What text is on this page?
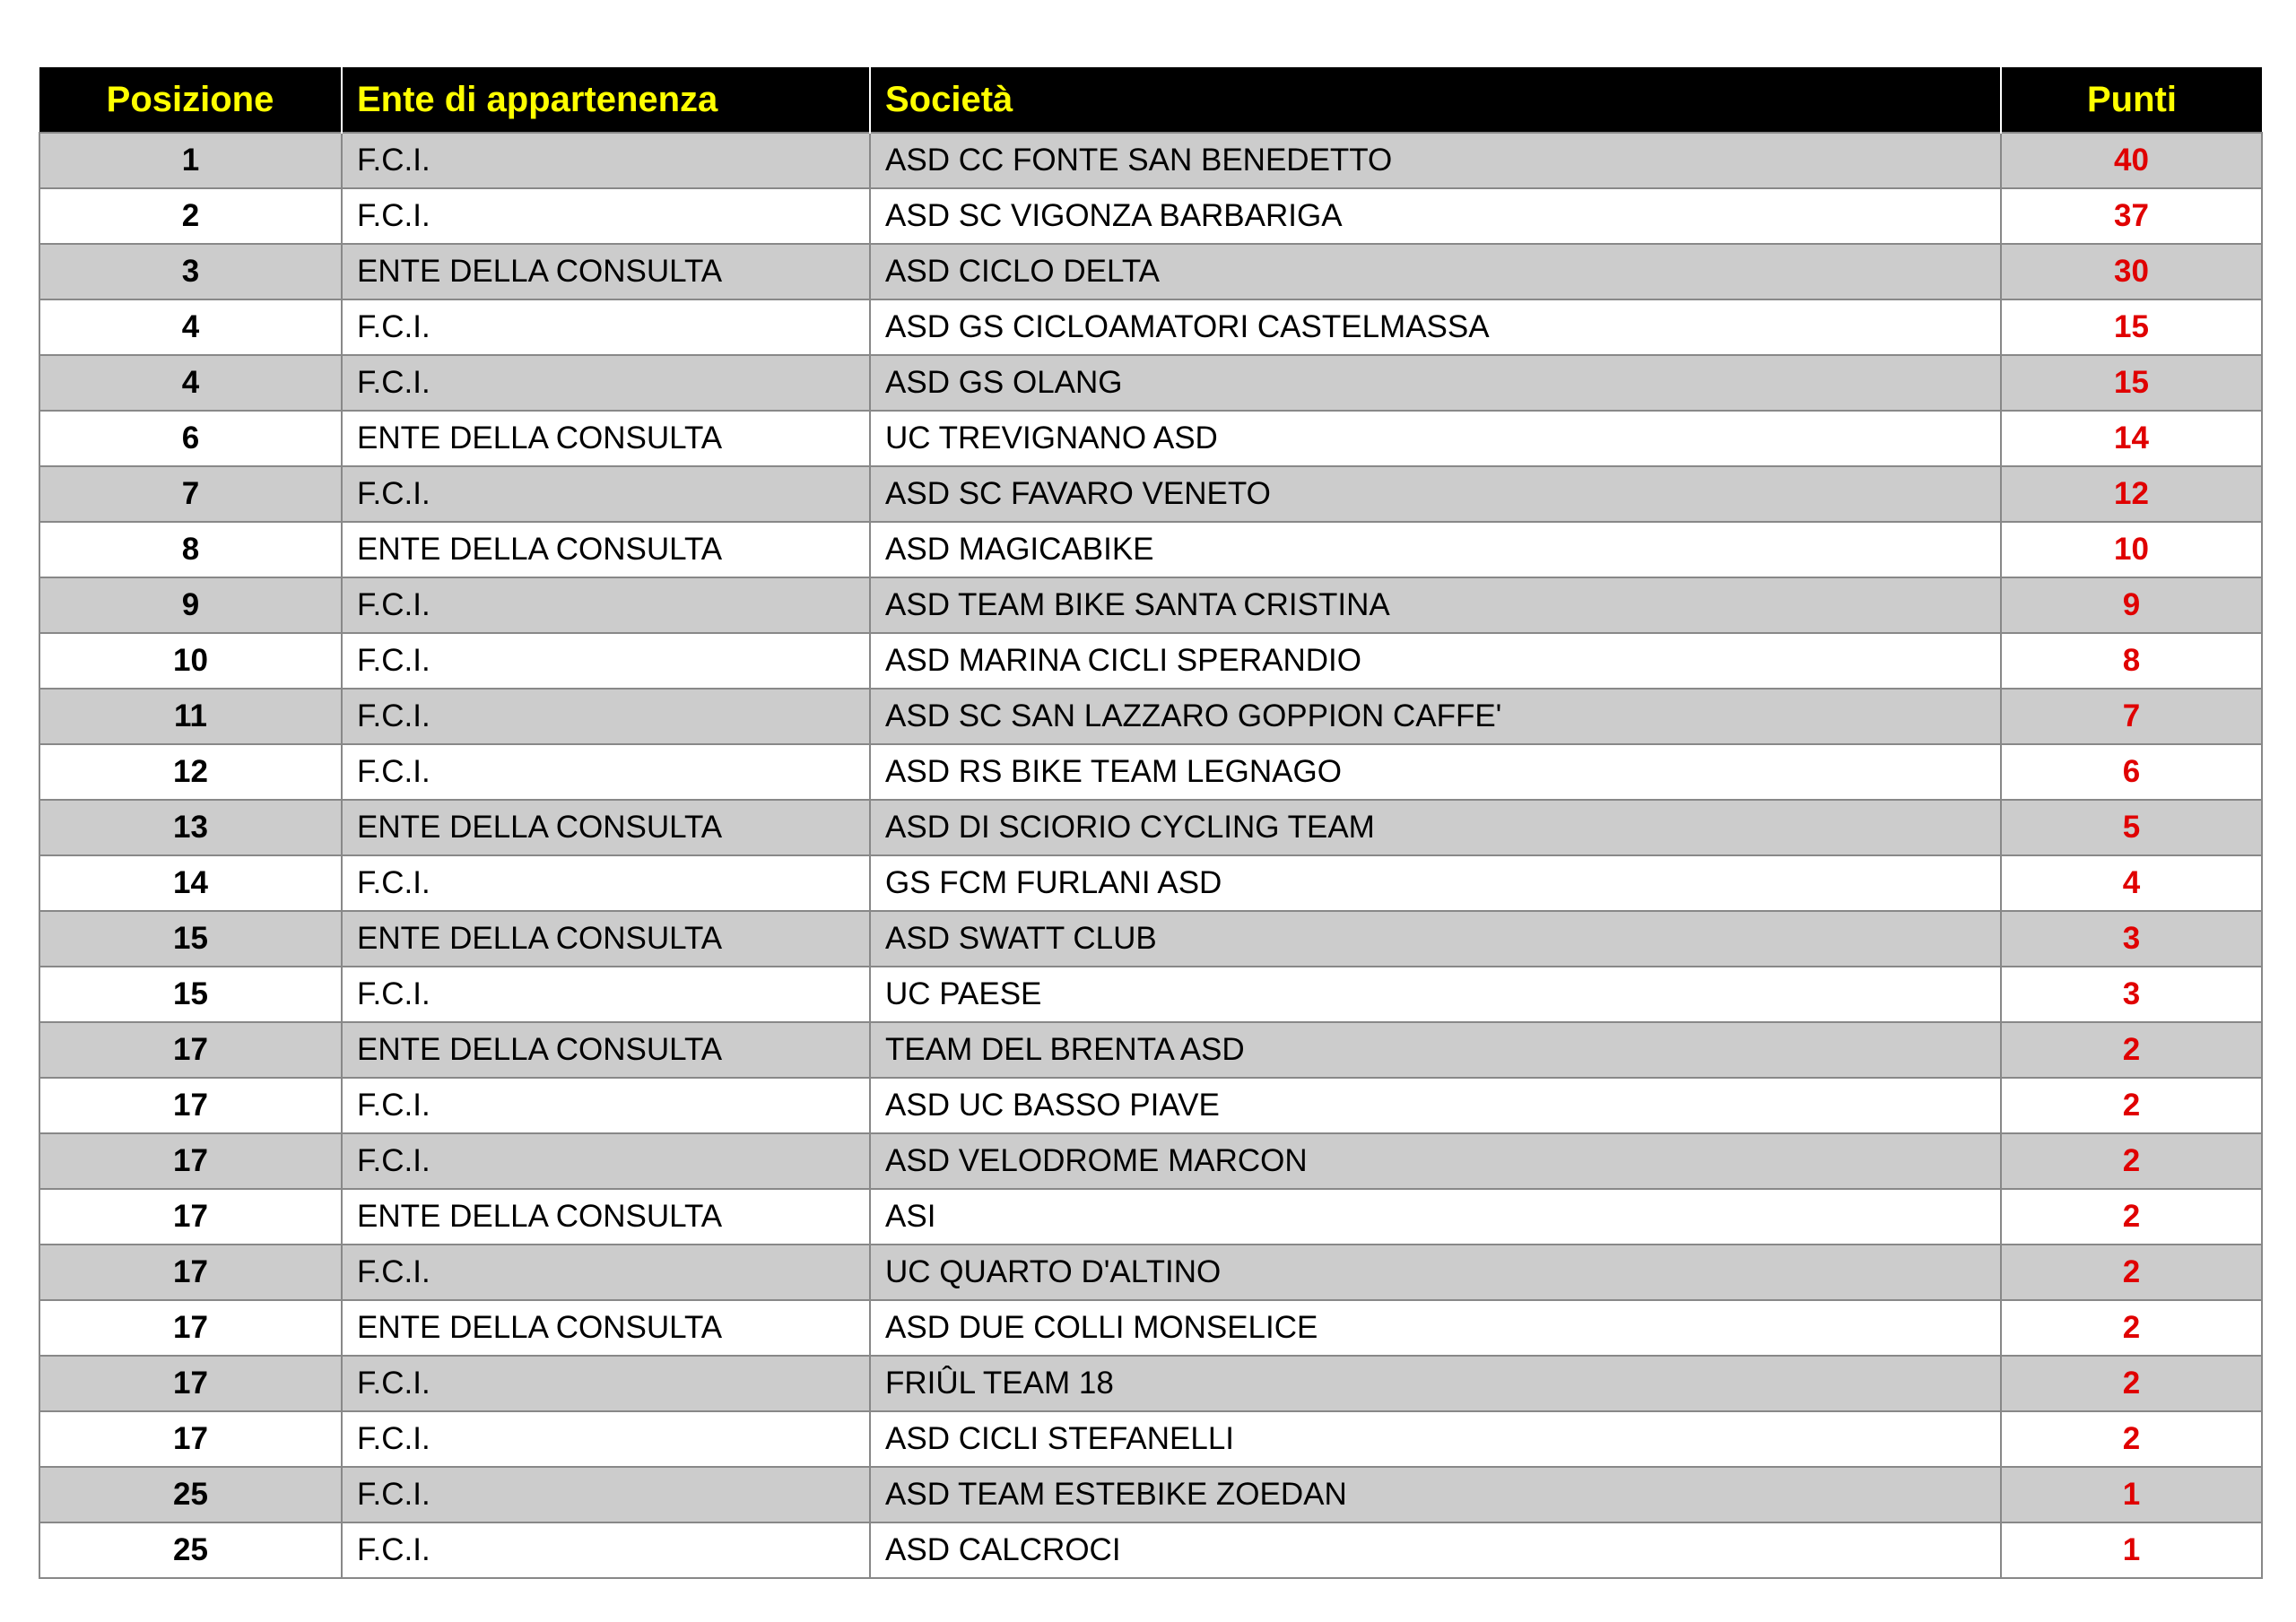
Posizione	Ente di appartenenza	Società	Punti
1	F.C.I.	ASD CC FONTE SAN BENEDETTO	40
2	F.C.I.	ASD SC VIGONZA BARBARIGA	37
3	ENTE DELLA CONSULTA	ASD CICLO DELTA	30
4	F.C.I.	ASD GS CICLOAMATORI CASTELMASSA	15
4	F.C.I.	ASD GS OLANG	15
6	ENTE DELLA CONSULTA	UC TREVIGNANO ASD	14
7	F.C.I.	ASD SC FAVARO VENETO	12
8	ENTE DELLA CONSULTA	ASD MAGICABIKE	10
9	F.C.I.	ASD TEAM BIKE SANTA CRISTINA	9
10	F.C.I.	ASD MARINA CICLI SPERANDIO	8
11	F.C.I.	ASD SC SAN LAZZARO GOPPION CAFFE'	7
12	F.C.I.	ASD RS BIKE TEAM LEGNAGO	6
13	ENTE DELLA CONSULTA	ASD DI SCIORIO CYCLING TEAM	5
14	F.C.I.	GS FCM FURLANI ASD	4
15	ENTE DELLA CONSULTA	ASD SWATT CLUB	3
15	F.C.I.	UC PAESE	3
17	ENTE DELLA CONSULTA	TEAM DEL BRENTA ASD	2
17	F.C.I.	ASD UC BASSO PIAVE	2
17	F.C.I.	ASD VELODROME MARCON	2
17	ENTE DELLA CONSULTA	ASI	2
17	F.C.I.	UC QUARTO D'ALTINO	2
17	ENTE DELLA CONSULTA	ASD DUE COLLI MONSELICE	2
17	F.C.I.	FRIÛL TEAM 18	2
17	F.C.I.	ASD CICLI STEFANELLI	2
25	F.C.I.	ASD TEAM ESTEBIKE ZOEDAN	1
25	F.C.I.	ASD CALCROCI	1
